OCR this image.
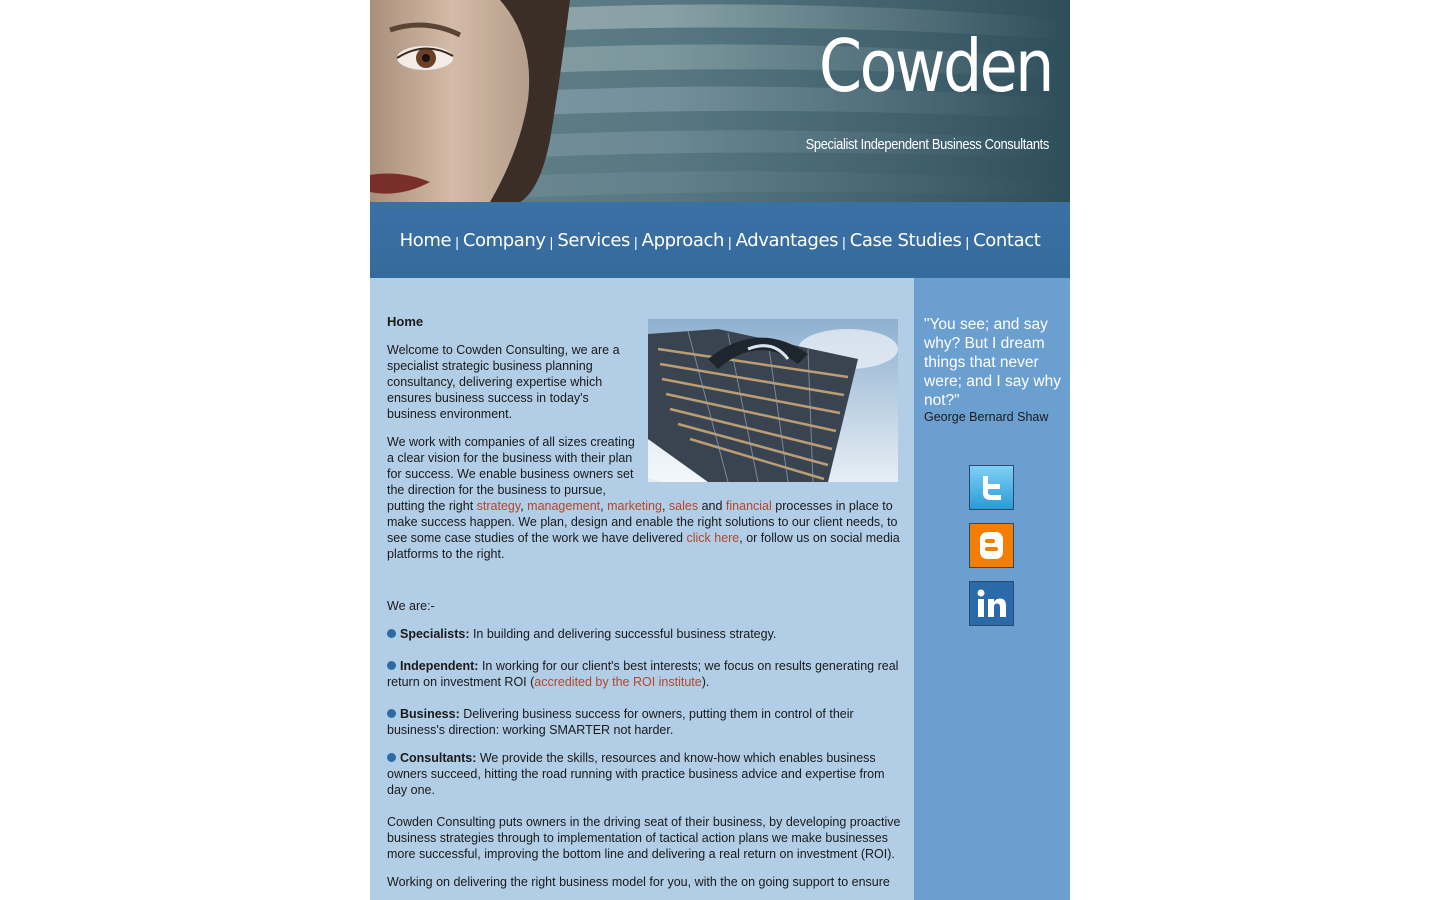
Cowden
Specialist Independent Business Consultants
Home | Company | Services | Approach | Advantages | Case Studies | Contact
Home

Welcome to Cowden Consulting, we are a specialist strategic business planning consultancy, delivering expertise which ensures business success in today's business environment.

We work with companies of all sizes creating a clear vision for the business with their plan for success. We enable business owners set the direction for the business to pursue, putting the right strategy, management, marketing, sales and financial processes in place to make success happen. We plan, design and enable the right solutions to our client needs, to see some case studies of the work we have delivered click here, or follow us on social media platforms to the right.

We are:-

Specialists: In building and delivering successful business strategy.
Independent: In working for our client's best interests; we focus on results generating real return on investment ROI (accredited by the ROI institute).
Business: Delivering business success for owners, putting them in control of their business's direction: working SMARTER not harder.
Consultants: We provide the skills, resources and know-how which enables business owners succeed, hitting the road running with practice business advice and expertise from day one.

Cowden Consulting puts owners in the driving seat of their business, by developing proactive business strategies through to implementation of tactical action plans we make businesses more successful, improving the bottom line and delivering a real return on investment (ROI).

Working on delivering the right business model for you, with the on going support to ensure

"You see; and say why? But I dream things that never were; and I say why not?"
George Bernard Shaw
